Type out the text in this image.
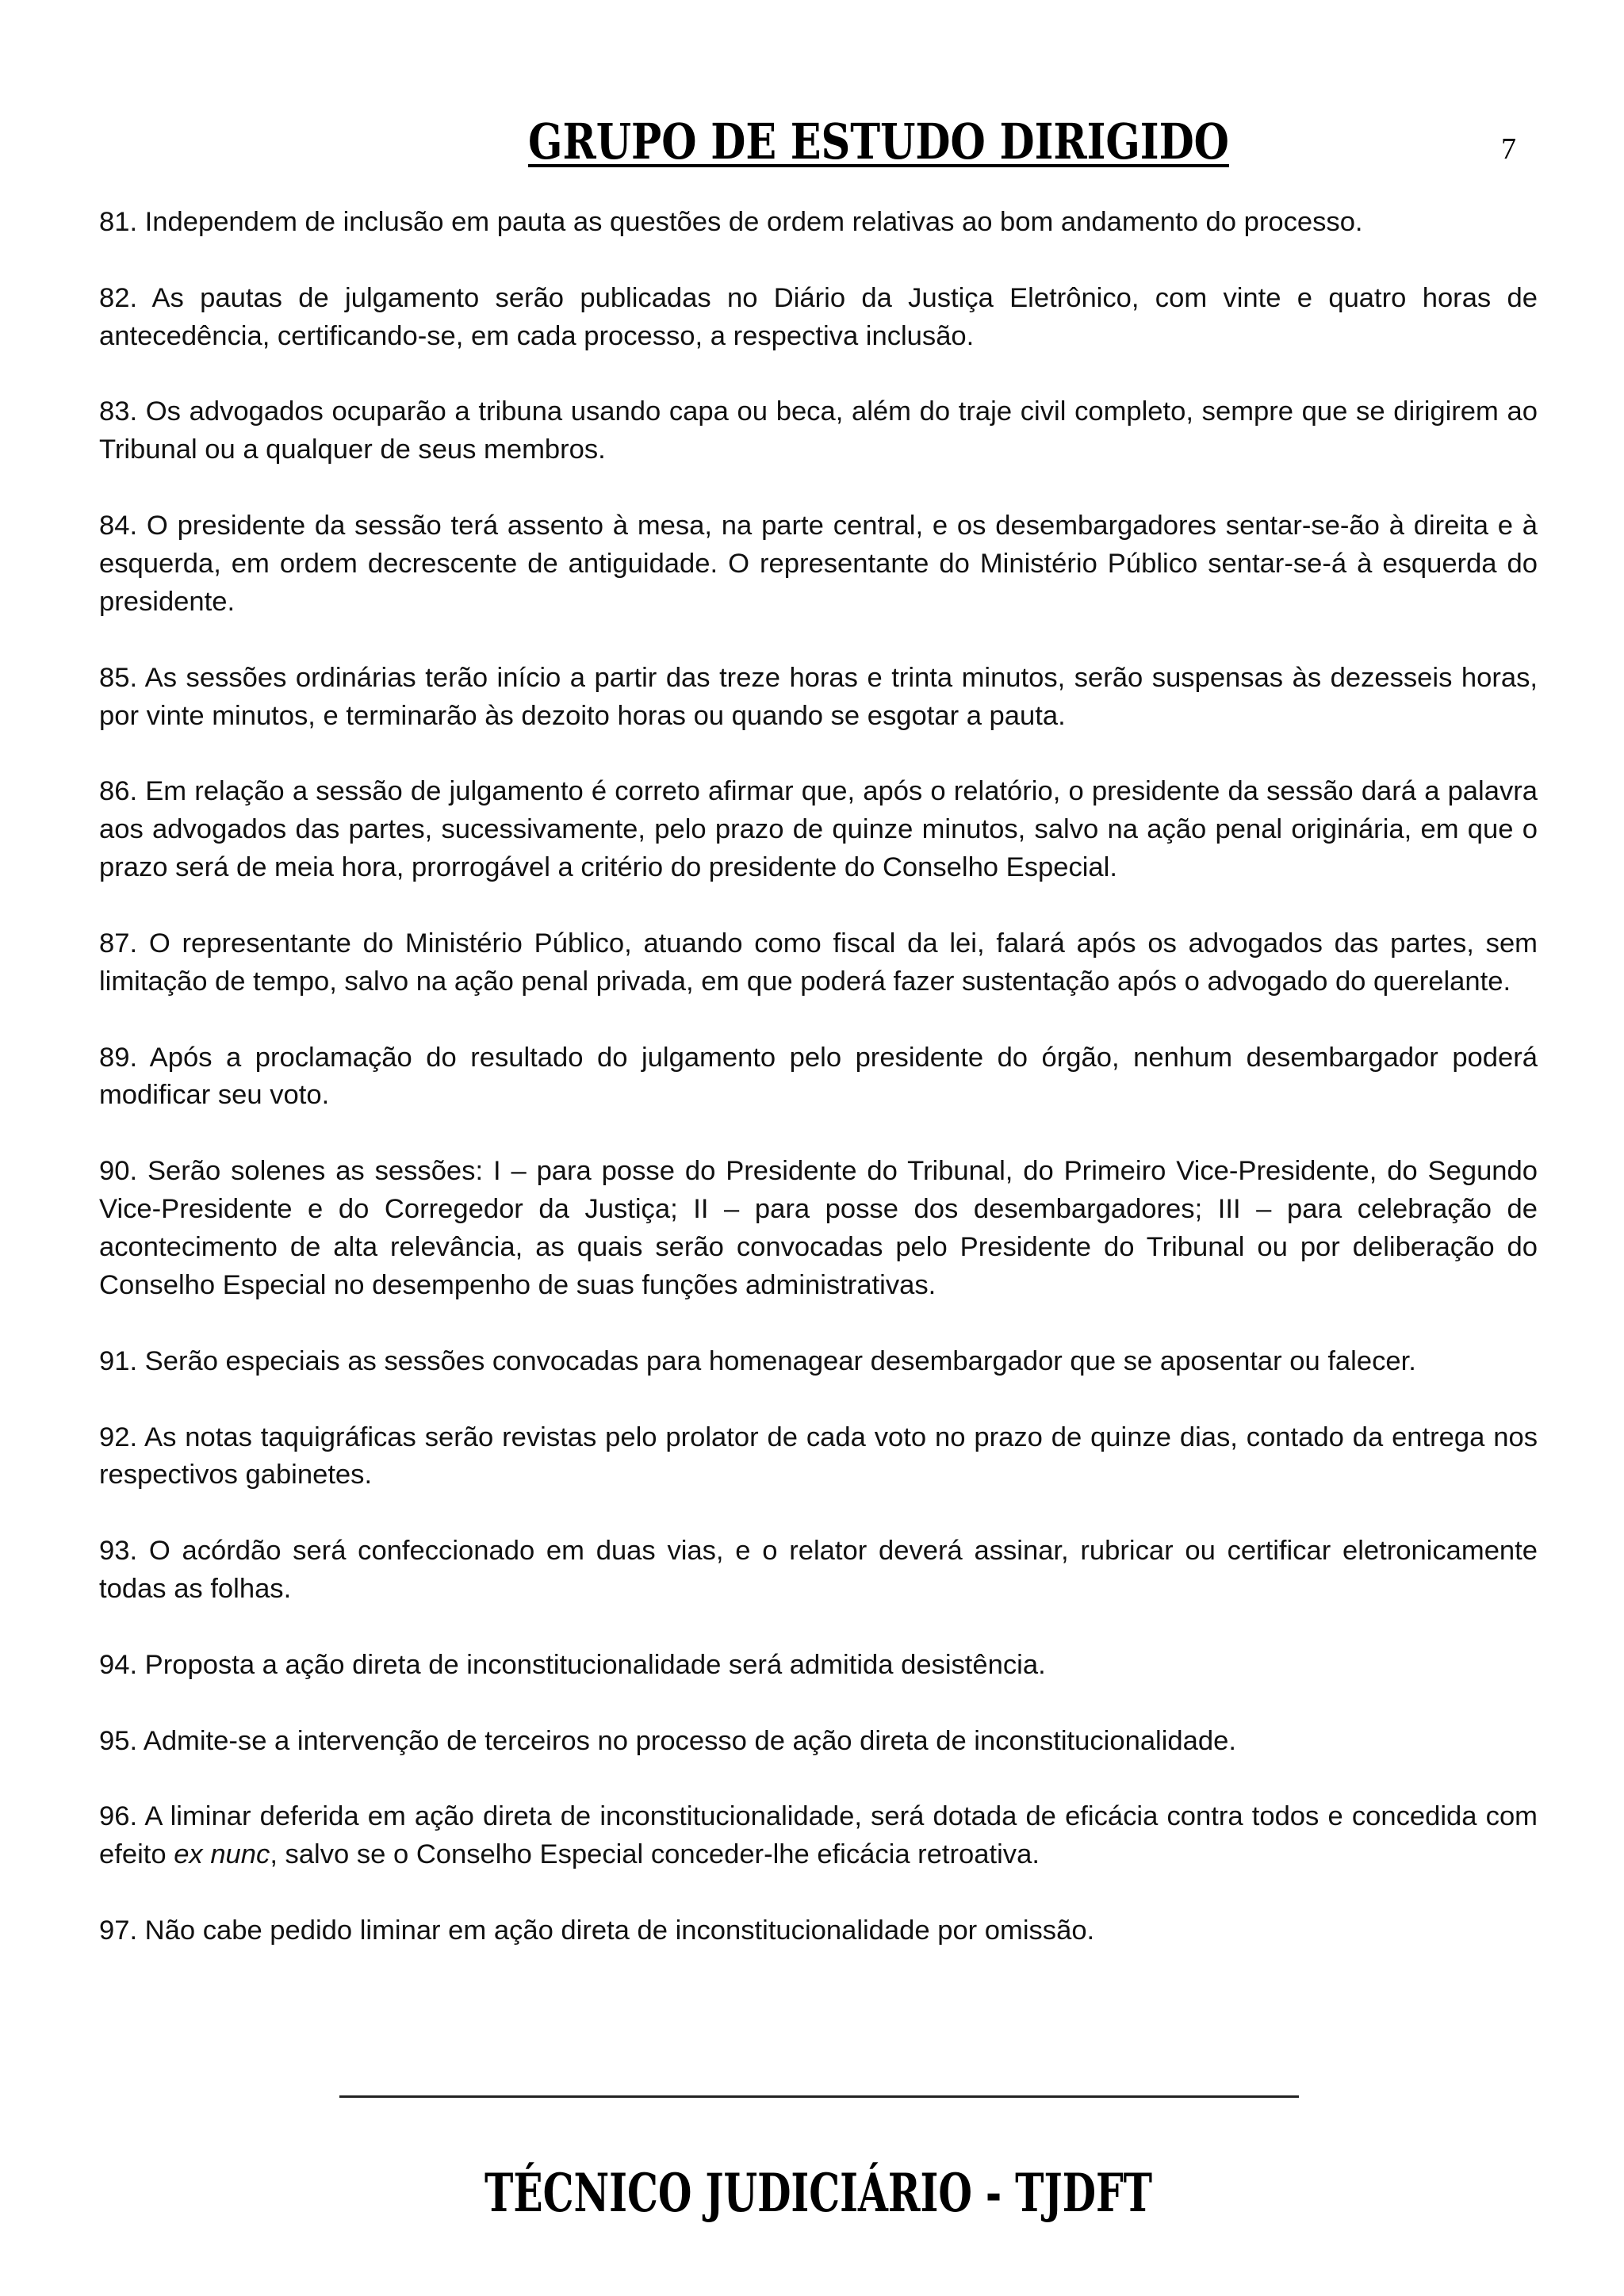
GRUPO DE ESTUDO DIRIGIDO	7
81. Independem de inclusão em pauta as questões de ordem relativas ao bom andamento do processo.
82. As pautas de julgamento serão publicadas no Diário da Justiça Eletrônico, com vinte e quatro horas de
antecedência, certificando-se, em cada processo, a respectiva inclusão.
83. Os advogados ocuparão a tribuna usando capa ou beca, além do traje civil completo, sempre que se dirigirem ao
Tribunal ou a qualquer de seus membros.
84. O presidente da sessão terá assento à mesa, na parte central, e os desembargadores sentar-se-ão à direita e à
esquerda, em ordem decrescente de antiguidade. O representante do Ministério Público sentar-se-á à esquerda do
presidente.
85. As sessões ordinárias terão início a partir das treze horas e trinta minutos, serão suspensas às dezesseis horas,
por vinte minutos, e terminarão às dezoito horas ou quando se esgotar a pauta.
86. Em relação a sessão de julgamento é correto afirmar que, após o relatório, o presidente da sessão dará a palavra
aos advogados das partes, sucessivamente, pelo prazo de quinze minutos, salvo na ação penal originária, em que o
prazo será de meia hora, prorrogável a critério do presidente do Conselho Especial.
87. O representante do Ministério Público, atuando como fiscal da lei, falará após os advogados das partes, sem
limitação de tempo, salvo na ação penal privada, em que poderá fazer sustentação após o advogado do querelante.
89. Após a proclamação do resultado do julgamento pelo presidente do órgão, nenhum desembargador poderá
modificar seu voto.
90. Serão solenes as sessões: I – para posse do Presidente do Tribunal, do Primeiro Vice-Presidente, do Segundo
Vice-Presidente e do Corregedor da Justiça; II – para posse dos desembargadores; III – para celebração de
acontecimento de alta relevância, as quais serão convocadas pelo Presidente do Tribunal ou por deliberação do
Conselho Especial no desempenho de suas funções administrativas.
91. Serão especiais as sessões convocadas para homenagear desembargador que se aposentar ou falecer.
92. As notas taquigráficas serão revistas pelo prolator de cada voto no prazo de quinze dias, contado da entrega nos
respectivos gabinetes.
93. O acórdão será confeccionado em duas vias, e o relator deverá assinar, rubricar ou certificar eletronicamente
todas as folhas.
94. Proposta a ação direta de inconstitucionalidade será admitida desistência.
95. Admite-se a intervenção de terceiros no processo de ação direta de inconstitucionalidade.
96. A liminar deferida em ação direta de inconstitucionalidade, será dotada de eficácia contra todos e concedida com
efeito ex nunc, salvo se o Conselho Especial conceder-lhe eficácia retroativa.
97. Não cabe pedido liminar em ação direta de inconstitucionalidade por omissão.
TÉCNICO JUDICIÁRIO - TJDFT
